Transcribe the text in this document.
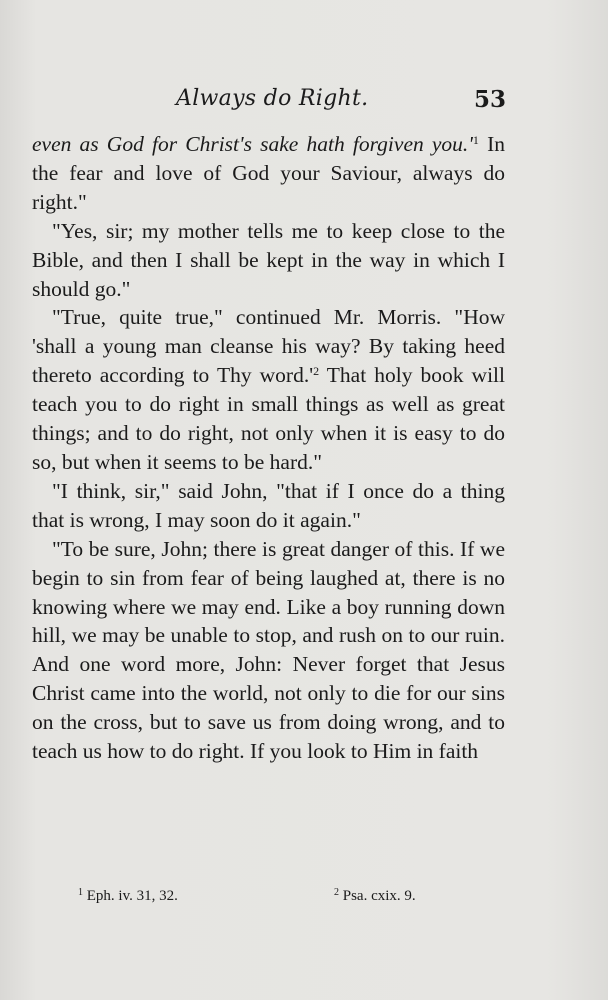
Always do Right.	53

even as God for Christ's sake hath forgiven $you.'^1$ In the fear and love of God your Saviour, always do right."

"Yes, sir; my mother tells me to keep close to the Bible, and then I shall be kept in the way in which I should go."

"True, quite true," continued Mr. Morris. "How 'shall a young man cleanse his way? By taking heed thereto according to Thy $word.'^2$ That holy book will teach you to do right in small things as well as great things; and to do right, not only when it is easy to do so, but when it seems to be hard."

"I think, sir," said John, "that if I once do a thing that is wrong, I may soon do it again."

"To be sure, John; there is great danger of this. If we begin to sin from fear of being laughed at, there is no knowing where we may end. Like a boy running down hill, we may be unable to stop, and rush on to our ruin. And one word more, John: Never forget that Jesus Christ came into the world, not only to die for our sins on the cross, but to save us from doing wrong, and to teach us how to do right. If you look to Him in faith

$^1$ Eph. iv. 31, 32.	$^2$ Psa. cxix. 9.
